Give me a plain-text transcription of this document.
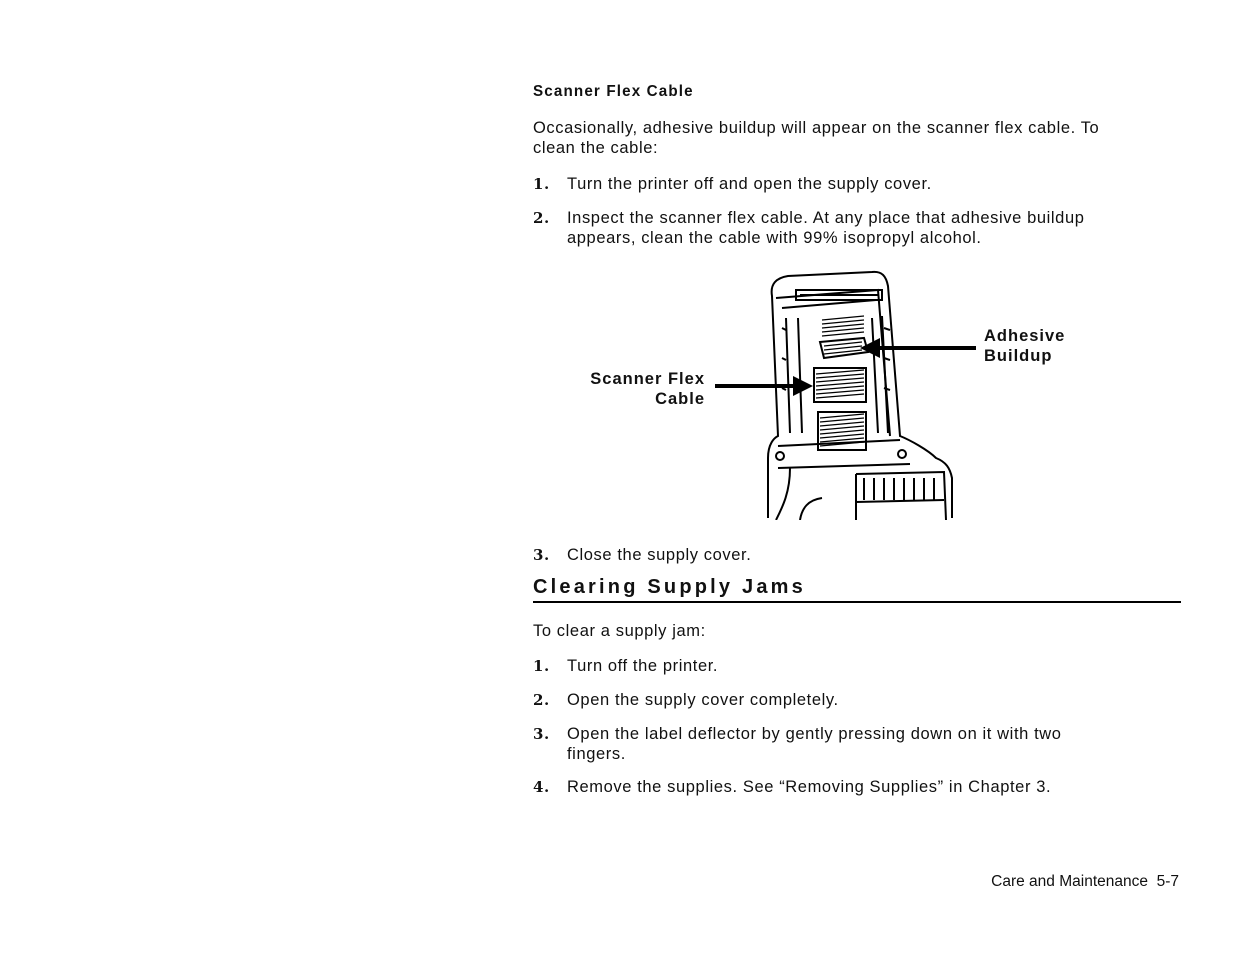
Scanner Flex Cable

Occasionally, adhesive buildup will appear on the scanner flex cable. To

clean the cable:

1. Turn the printer off and open the supply cover.
2. Inspect the scanner flex cable. At any place that adhesive buildup
appears, clean the cable with 99% isopropyl alcohol.
Scanner Flex
Cable
Adhesive
Buildup
3. Close the supply cover.
Clearing Supply Jams

To clear a supply jam:

1. Turn off the printer.
2. Open the supply cover completely.
3. Open the label deflector by gently pressing down on it with two
fingers.
4. Remove the supplies. See “Removing Supplies” in Chapter 3.
Care and Maintenance  5-7
